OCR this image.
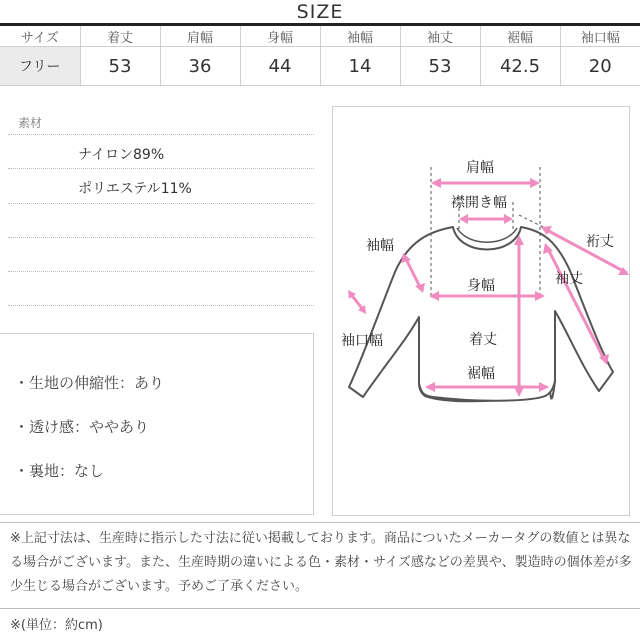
SIZE
サイズ	着丈	肩幅	身幅	袖幅	袖丈	裾幅	袖口幅
フリー	53	36	44	14	53	42.5	20
素材
ナイロン89%
ポリエステル11%
・生地の伸縮性：あり
・透け感：ややあり
・裏地：なし
肩幅
襟開き幅
裄丈
袖幅
袖丈
身幅
袖口幅	着丈
裾幅
※上記寸法は、生産時に指示した寸法に従い掲載しております。商品についたメーカータグの数値とは異なる場合がございます。また、生産時期の違いによる色・素材・サイズ感などの差異や、製造時の個体差が多少生じる場合がございます。予めご了承ください。
※(単位：約cm)
